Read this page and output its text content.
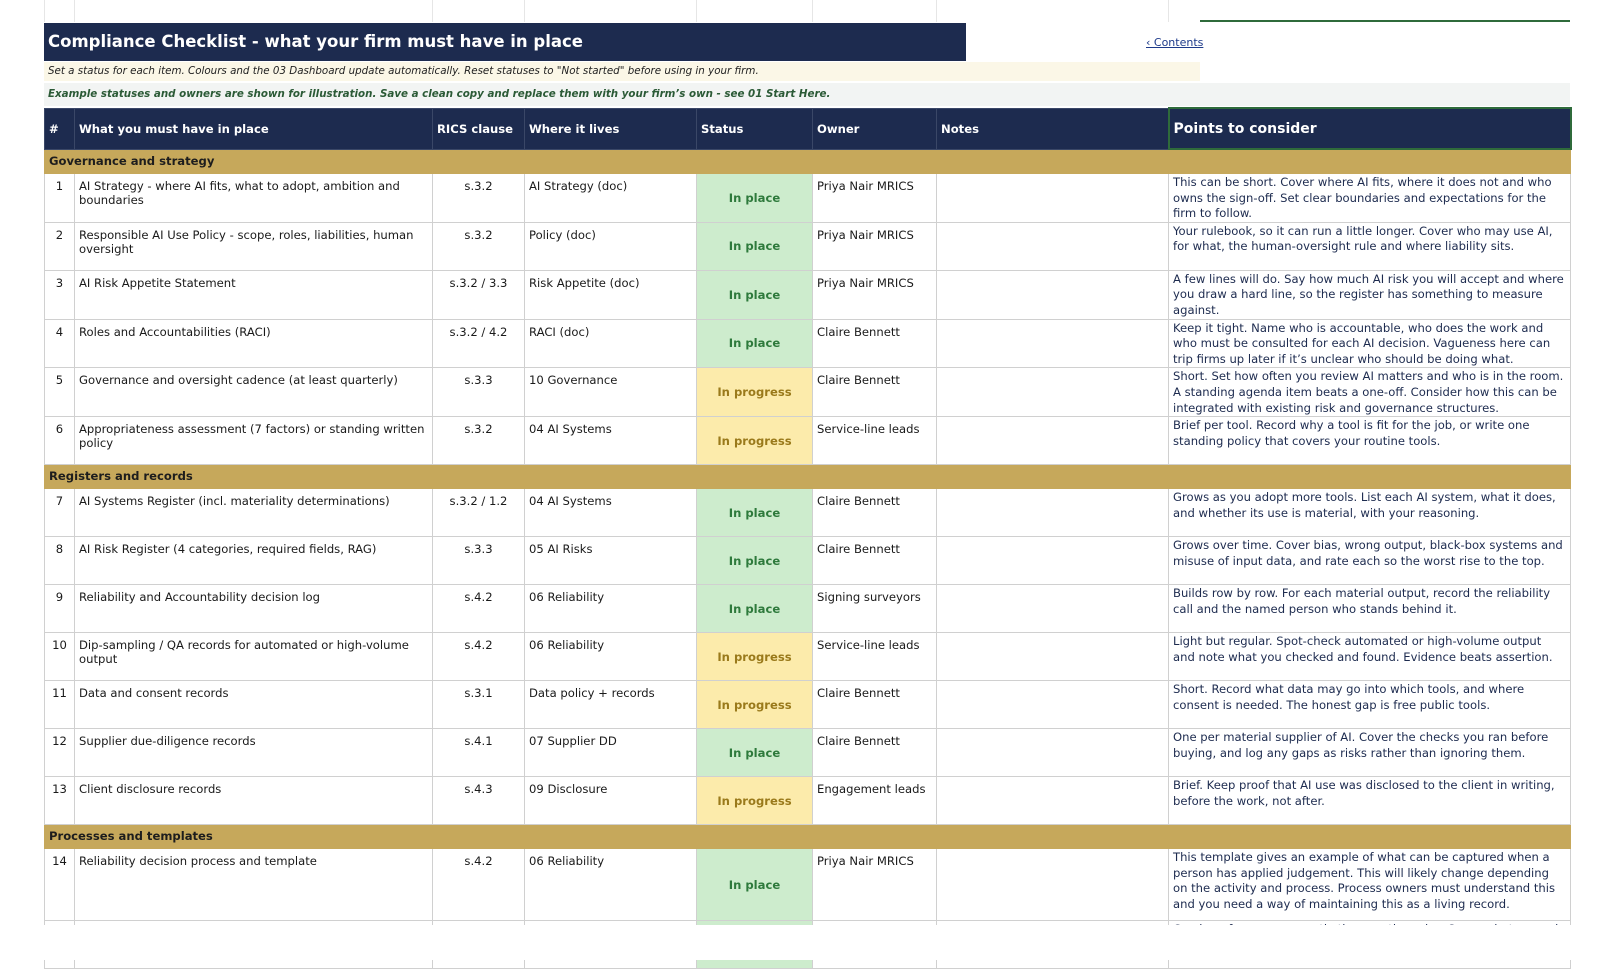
Compliance Checklist - what your firm must have in place	‹ Contents
Set a status for each item. Colours and the 03 Dashboard update automatically. Reset statuses to "Not started" before using in your firm.
Example statuses and owners are shown for illustration. Save a clean copy and replace them with your firm’s own - see 01 Start Here.
#	What you must have in place	RICS clause	Where it lives	Status	Owner	Notes	Points to consider
Governance and strategy							
1	AI Strategy - where AI fits, what to adopt, ambition and boundaries	s.3.2	AI Strategy (doc)	In place	Priya Nair MRICS		This can be short. Cover where AI fits, where it does not and who owns the sign-off. Set clear boundaries and expectations for the firm to follow.
2	Responsible AI Use Policy - scope, roles, liabilities, human oversight	s.3.2	Policy (doc)	In place	Priya Nair MRICS		Your rulebook, so it can run a little longer. Cover who may use AI, for what, the human-oversight rule and where liability sits.
3	AI Risk Appetite Statement	s.3.2 / 3.3	Risk Appetite (doc)	In place	Priya Nair MRICS		A few lines will do. Say how much AI risk you will accept and where you draw a hard line, so the register has something to measure against.
4	Roles and Accountabilities (RACI)	s.3.2 / 4.2	RACI (doc)	In place	Claire Bennett		Keep it tight. Name who is accountable, who does the work and who must be consulted for each AI decision. Vagueness here can trip firms up later if it’s unclear who should be doing what.
5	Governance and oversight cadence (at least quarterly)	s.3.3	10 Governance	In progress	Claire Bennett		Short. Set how often you review AI matters and who is in the room. A standing agenda item beats a one-off. Consider how this can be integrated with existing risk and governance structures.
6	Appropriateness assessment (7 factors) or standing written policy	s.3.2	04 AI Systems	In progress	Service-line leads		Brief per tool. Record why a tool is fit for the job, or write one standing policy that covers your routine tools.
Registers and records							
7	AI Systems Register (incl. materiality determinations)	s.3.2 / 1.2	04 AI Systems	In place	Claire Bennett		Grows as you adopt more tools. List each AI system, what it does, and whether its use is material, with your reasoning.
8	AI Risk Register (4 categories, required fields, RAG)	s.3.3	05 AI Risks	In place	Claire Bennett		Grows over time. Cover bias, wrong output, black-box systems and misuse of input data, and rate each so the worst rise to the top.
9	Reliability and Accountability decision log	s.4.2	06 Reliability	In place	Signing surveyors		Builds row by row. For each material output, record the reliability call and the named person who stands behind it.
10	Dip-sampling / QA records for automated or high-volume output	s.4.2	06 Reliability	In progress	Service-line leads		Light but regular. Spot-check automated or high-volume output and note what you checked and found. Evidence beats assertion.
11	Data and consent records	s.3.1	Data policy + records	In progress	Claire Bennett		Short. Record what data may go into which tools, and where consent is needed. The honest gap is free public tools.
12	Supplier due-diligence records	s.4.1	07 Supplier DD	In place	Claire Bennett		One per material supplier of AI. Cover the checks you ran before buying, and log any gaps as risks rather than ignoring them.
13	Client disclosure records	s.4.3	09 Disclosure	In progress	Engagement leads		Brief. Keep proof that AI use was disclosed to the client in writing, before the work, not after.
Processes and templates							
14	Reliability decision process and template	s.4.2	06 Reliability	In place	Priya Nair MRICS		This template gives an example of what can be captured when a person has applied judgement. This will likely change depending on the activity and process. Process owners must understand this and you need a way of maintaining this as a living record.
